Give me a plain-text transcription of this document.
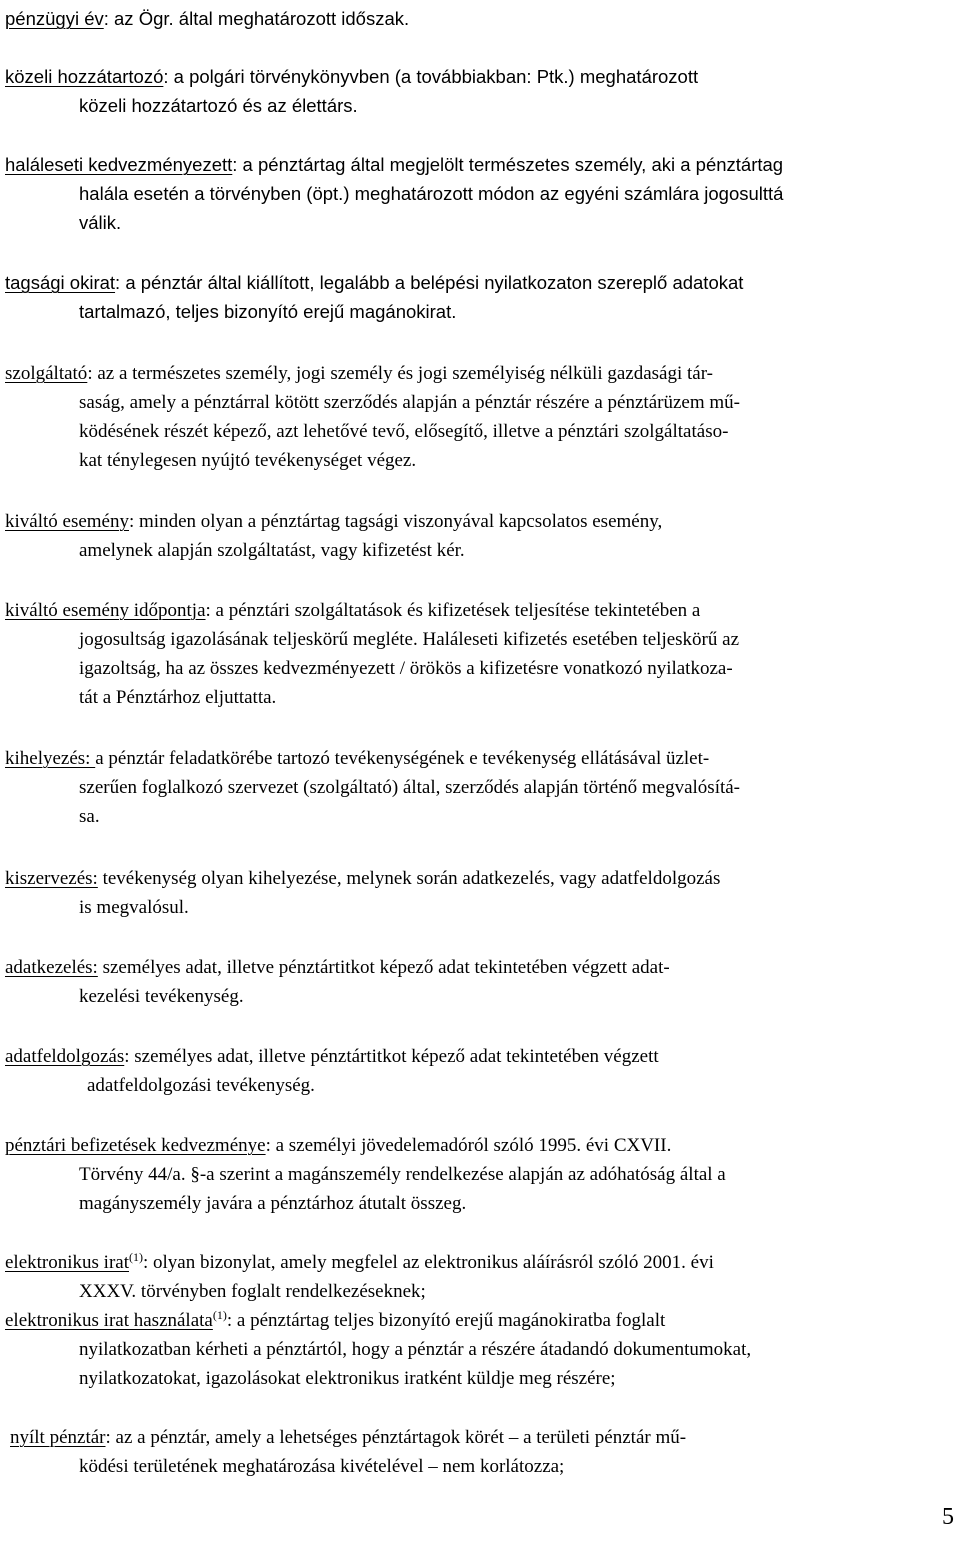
pénzügyi év: az Ögr. által meghatározott időszak.
közeli hozzátartozó: a polgári törvénykönyvben (a továbbiakban: Ptk.) meghatározott
közeli hozzátartozó és az élettárs.
haláleseti kedvezményezett: a pénztártag által megjelölt természetes személy, aki a pénztártag
halála esetén a törvényben (öpt.) meghatározott módon az egyéni számlára jogosulttá
válik.
tagsági okirat: a pénztár által kiállított, legalább a belépési nyilatkozaton szereplő adatokat
tartalmazó, teljes bizonyító erejű magánokirat.
szolgáltató: az a természetes személy, jogi személy és jogi személyiség nélküli gazdasági tár-
saság, amely a pénztárral kötött szerződés alapján a pénztár részére a pénztárüzem mű-
ködésének részét képező, azt lehetővé tevő, elősegítő, illetve a pénztári szolgáltatáso-
kat ténylegesen nyújtó tevékenységet végez.
kiváltó esemény: minden olyan a pénztártag tagsági viszonyával kapcsolatos esemény,
amelynek alapján szolgáltatást, vagy kifizetést kér.
kiváltó esemény időpontja: a pénztári szolgáltatások és kifizetések teljesítése tekintetében a
jogosultság igazolásának teljeskörű megléte. Haláleseti kifizetés esetében teljeskörű az
igazoltság, ha az összes kedvezményezett / örökös a kifizetésre vonatkozó nyilatkoza-
tát a Pénztárhoz eljuttatta.
kihelyezés: a pénztár feladatkörébe tartozó tevékenységének e tevékenység ellátásával üzlet-
szerűen foglalkozó szervezet (szolgáltató) által, szerződés alapján történő megvalósítá-
sa.
kiszervezés: tevékenység olyan kihelyezése, melynek során adatkezelés, vagy adatfeldolgozás
is megvalósul.
adatkezelés: személyes adat, illetve pénztártitkot képező adat tekintetében végzett adat-
kezelési tevékenység.
adatfeldolgozás: személyes adat, illetve pénztártitkot képező adat tekintetében végzett
adatfeldolgozási tevékenység.
pénztári befizetések kedvezménye: a személyi jövedelemadóról szóló 1995. évi CXVII.
Törvény 44/a. §-a szerint a magánszemély rendelkezése alapján az adóhatóság által a
magányszemély javára a pénztárhoz átutalt összeg.
elektronikus irat$^{(1)}$: olyan bizonylat, amely megfelel az elektronikus aláírásról szóló 2001. évi
XXXV. törvényben foglalt rendelkezéseknek;
elektronikus irat használata$^{(1)}$: a pénztártag teljes bizonyító erejű magánokiratba foglalt
nyilatkozatban kérheti a pénztártól, hogy a pénztár a részére átadandó dokumentumokat,
nyilatkozatokat, igazolásokat elektronikus iratként küldje meg részére;
nyílt pénztár: az a pénztár, amely a lehetséges pénztártagok körét – a területi pénztár mű-
ködési területének meghatározása kivételével – nem korlátozza;
5
